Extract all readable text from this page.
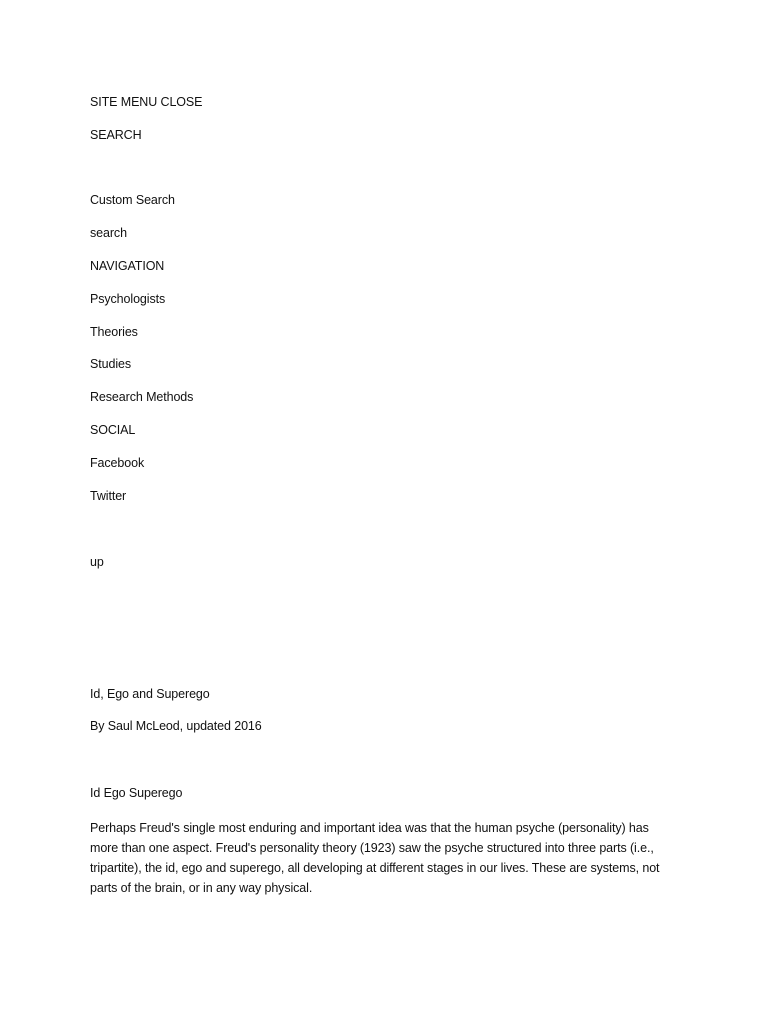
SITE MENU CLOSE
SEARCH
Custom Search
search
NAVIGATION
Psychologists
Theories
Studies
Research Methods
SOCIAL
Facebook
Twitter
up
Id, Ego and Superego
By Saul McLeod, updated 2016
Id Ego Superego
Perhaps Freud's single most enduring and important idea was that the human psyche (personality) has
more than one aspect. Freud's personality theory (1923) saw the psyche structured into three parts (i.e.,
tripartite), the id, ego and superego, all developing at different stages in our lives. These are systems, not
parts of the brain, or in any way physical.
